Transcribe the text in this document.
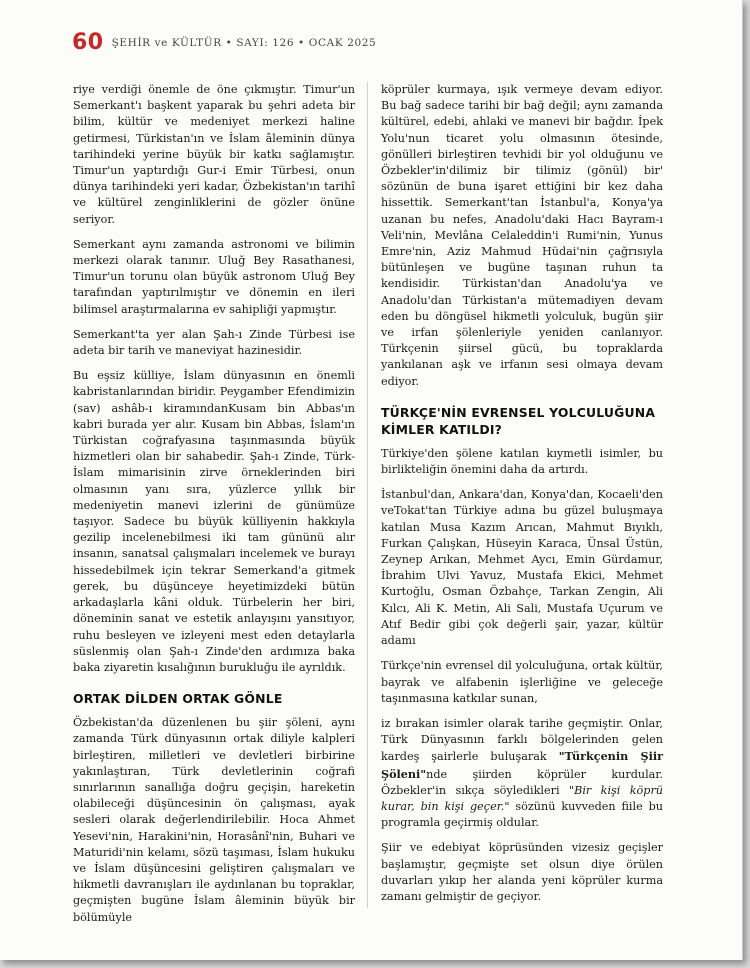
60 ŞEHİR ve KÜLTÜR • SAYI: 126 • OCAK 2025

riye verdiği önemle de öne çıkmıştır. Timur'un Semerkant'ı başkent yaparak bu şehri adeta bir bilim, kültür ve medeniyet merkezi haline getirmesi, Türkistan'ın ve İslam âleminin dünya tarihindeki yerine büyük bir katkı sağlamıştır. Timur'un yaptırdığı Gur-i Emir Türbesi, onun dünya tarihindeki yeri kadar, Özbekistan'ın tarihî ve kültürel zenginliklerini de gözler önüne seriyor.

Semerkant aynı zamanda astronomi ve bilimin merkezi olarak tanınır. Uluğ Bey Rasathanesi, Timur'un torunu olan büyük astronom Uluğ Bey tarafından yaptırılmıştır ve dönemin en ileri bilimsel araştırmalarına ev sahipliği yapmıştır.

Semerkant'ta yer alan Şah-ı Zinde Türbesi ise adeta bir tarih ve maneviyat hazinesidir.

Bu eşsiz külliye, İslam dünyasının en önemli kabristanlarından biridir. Peygamber Efendimizin (sav) ashâb-ı kiramındanKusam bin Abbas'ın kabri burada yer alır. Kusam bin Abbas, İslam'ın Türkistan coğrafyasına taşınmasında büyük hizmetleri olan bir sahabedir. Şah-ı Zinde, Türk-İslam mimarisinin zirve örneklerinden biri olmasının yanı sıra, yüzlerce yıllık bir medeniyetin manevi izlerini de günümüze taşıyor. Sadece bu büyük külliyenin hakkıyla gezilip incelenebilmesi iki tam gününü alır insanın, sanatsal çalışmaları incelemek ve burayı hissedebilmek için tekrar Semerkand'a gitmek gerek, bu düşünceye heyetimizdeki bütün arkadaşlarla kâni olduk. Türbelerin her biri, döneminin sanat ve estetik anlayışını yansıtıyor, ruhu besleyen ve izleyeni mest eden detaylarla süslenmiş olan Şah-ı Zinde'den ardımıza baka baka ziyaretin kısalığının burukluğu ile ayrıldık.

ORTAK DİLDEN ORTAK GÖNLE

Özbekistan'da düzenlenen bu şiir şöleni, aynı zamanda Türk dünyasının ortak diliyle kalpleri birleştiren, milletleri ve devletleri birbirine yakınlaştıran, Türk devletlerinin coğrafi sınırlarının sanallığa doğru geçişin, hareketin olabileceği düşüncesinin ön çalışması, ayak sesleri olarak değerlendirilebilir. Hoca Ahmet Yesevi'nin, Harakini'nin, Horasânî'nin, Buhari ve Maturidi'nin kelamı, sözü taşıması, İslam hukuku ve İslam düşüncesini geliştiren çalışmaları ve hikmetli davranışları ile aydınlanan bu topraklar, geçmişten bugüne İslam âleminin büyük bir bölümüyle

köprüler kurmaya, ışık vermeye devam ediyor. Bu bağ sadece tarihi bir bağ değil; aynı zamanda kültürel, edebi, ahlaki ve manevi bir bağdır. İpek Yolu'nun ticaret yolu olmasının ötesinde, gönülleri birleştiren tevhidi bir yol olduğunu ve Özbekler'in'dilimiz bir tilimiz (gönül) bir' sözünün de buna işaret ettiğini bir kez daha hissettik. Semerkant'tan İstanbul'a, Konya'ya uzanan bu nefes, Anadolu'daki Hacı Bayram-ı Veli'nin, Mevlâna Celaleddin'i Rumi'nin, Yunus Emre'nin, Aziz Mahmud Hüdai'nin çağrısıyla bütünleşen ve bugüne taşınan ruhun ta kendisidir. Türkistan'dan Anadolu'ya ve Anadolu'dan Türkistan'a mütemadiyen devam eden bu döngüsel hikmetli yolculuk, bugün şiir ve irfan şölenleriyle yeniden canlanıyor. Türkçenin şiirsel gücü, bu topraklarda yankılanan aşk ve irfanın sesi olmaya devam ediyor.

TÜRKÇE'NİN EVRENSEL YOLCULUĞUNA KİMLER KATILDI?

Türkiye'den şölene katılan kıymetli isimler, bu birlikteliğin önemini daha da artırdı.

İstanbul'dan, Ankara'dan, Konya'dan, Kocaeli'den veTokat'tan Türkiye adına bu güzel buluşmaya katılan Musa Kazım Arıcan, Mahmut Bıyıklı, Furkan Çalışkan, Hüseyin Karaca, Ünsal Üstün, Zeynep Arıkan, Mehmet Aycı, Emin Gürdamur, İbrahim Ulvi Yavuz, Mustafa Ekici, Mehmet Kurtoğlu, Osman Özbahçe, Tarkan Zengin, Ali Kılcı, Ali K. Metin, Ali Sali, Mustafa Uçurum ve Atıf Bedir gibi çok değerli şair, yazar, kültür adamı

Türkçe'nin evrensel dil yolculuğuna, ortak kültür, bayrak ve alfabenin işlerliğine ve geleceğe taşınmasına katkılar sunan,

iz bırakan isimler olarak tarihe geçmiştir. Onlar, Türk Dünyasının farklı bölgelerinden gelen kardeş şairlerle buluşarak "Türkçenin Şiir Şöleni"nde şiirden köprüler kurdular. Özbekler'in sıkça söyledikleri "Bir kişi köprü kurar, bin kişi geçer." sözünü kuvveden fiile bu programla geçirmiş oldular.

Şiir ve edebiyat köprüsünden vizesiz geçişler başlamıştır, geçmişte set olsun diye örülen duvarları yıkıp her alanda yeni köprüler kurma zamanı gelmiştir de geçiyor.
